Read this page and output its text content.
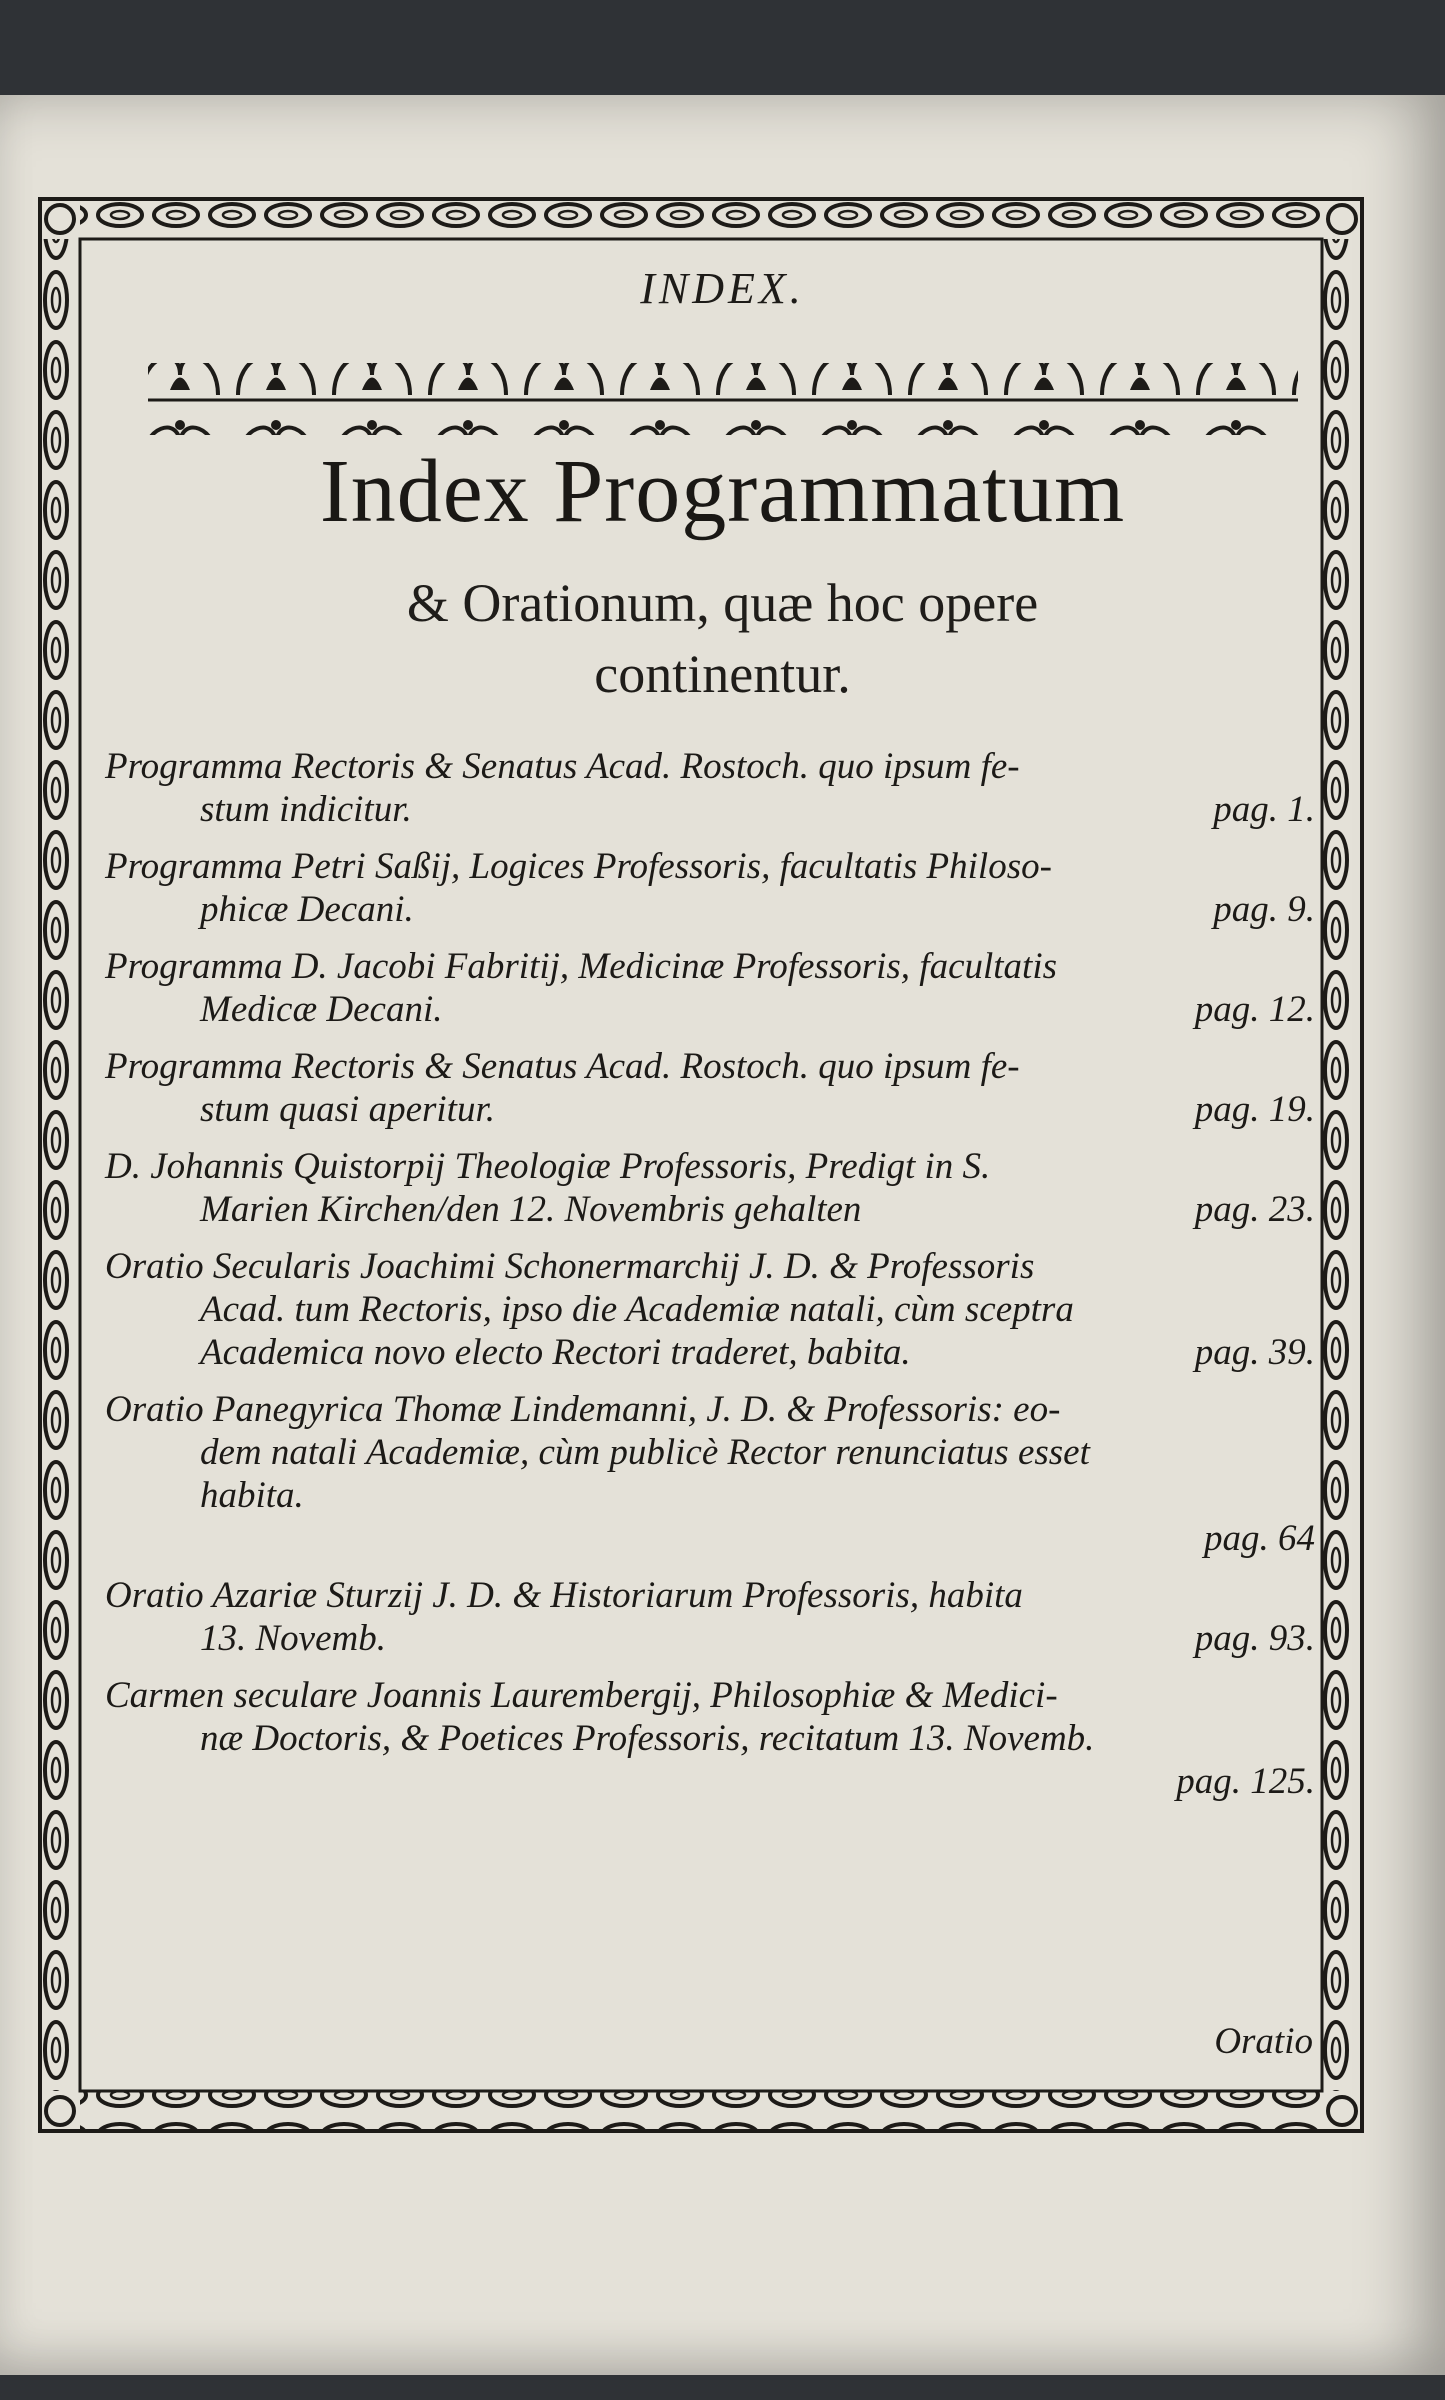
INDEX.
Index Programmatum
& Orationum, quæ hoc opere
continentur.
Programma Rectoris & Senatus Acad. Rostoch. quo ipsum fe-
stum indicitur.	pag. 1.
Programma Petri Saßij, Logices Professoris, facultatis Philoso-
phicæ Decani.	pag. 9.
Programma D. Jacobi Fabritij, Medicinæ Professoris, facultatis
Medicæ Decani.	pag. 12.
Programma Rectoris & Senatus Acad. Rostoch. quo ipsum fe-
stum quasi aperitur.	pag. 19.
D. Johannis Quistorpij Theologiæ Professoris, Predigt in S.
Marien Kirchen/den 12. Novembris gehalten	pag. 23.
Oratio Secularis Joachimi Schonermarchij J. D. & Professoris
Acad. tum Rectoris, ipso die Academiæ natali, cùm sceptra
Academica novo electo Rectori traderet, babita.	pag. 39.
Oratio Panegyrica Thomæ Lindemanni, J. D. & Professoris: eo-
dem natali Academiæ, cùm publicè Rector renunciatus esset
habita.
pag. 64
Oratio Azariæ Sturzij J. D. & Historiarum Professoris, habita
13. Novemb.	pag. 93.
Carmen seculare Joannis Laurembergij, Philosophiæ & Medici-
næ Doctoris, & Poetices Professoris, recitatum 13. Novemb.
pag. 125.
Oratio
